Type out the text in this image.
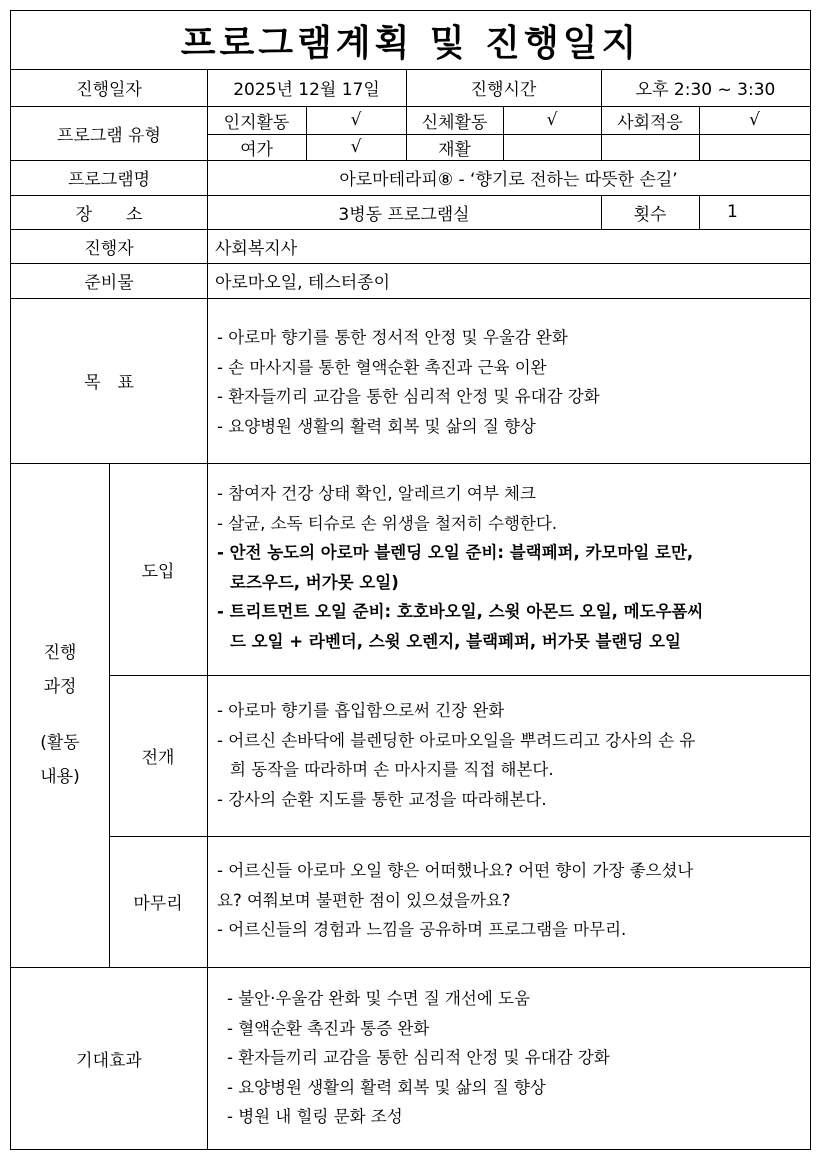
프로그램계획 및 진행일지
진행일자	2025년 12월 17일	진행시간	오후 2:30 ~ 3:30
프로그램 유형
인지활동	√	신체활동	√	사회적응	√
여가	√	재활
프로그램명	아로마테라피⑧ - ‘향기로 전하는 따뜻한 손길’
장　　소	3병동 프로그램실	횟수	1
진행자	사회복지사
준비물	아로마오일, 테스터종이
목　표
- 아로마 향기를 통한 정서적 안정 및 우울감 완화
- 손 마사지를 통한 혈액순환 촉진과 근육 이완
- 환자들끼리 교감을 통한 심리적 안정 및 유대감 강화
- 요양병원 생활의 활력 회복 및 삶의 질 향상
진행
과정
(활동
내용)
도입
- 참여자 건강 상태 확인, 알레르기 여부 체크
- 살균, 소독 티슈로 손 위생을 철저히 수행한다.
- 안전 농도의 아로마 블렌딩 오일 준비: 블랙페퍼, 카모마일 로만,
로즈우드, 버가못 오일)
- 트리트먼트 오일 준비: 호호바오일, 스윗 아몬드 오일, 메도우폼씨
드 오일 + 라벤더, 스윗 오렌지, 블랙페퍼, 버가못 블랜딩 오일
전개
- 아로마 향기를 흡입함으로써 긴장 완화
- 어르신 손바닥에 블렌딩한 아로마오일을 뿌려드리고 강사의 손 유
희 동작을 따라하며 손 마사지를 직접 해본다.
- 강사의 순환 지도를 통한 교정을 따라해본다.
마무리
- 어르신들 아로마 오일 향은 어떠했나요? 어떤 향이 가장 좋으셨나
요? 여쭤보며 불편한 점이 있으셨을까요?
- 어르신들의 경험과 느낌을 공유하며 프로그램을 마무리.
기대효과
- 불안·우울감 완화 및 수면 질 개선에 도움
- 혈액순환 촉진과 통증 완화
- 환자들끼리 교감을 통한 심리적 안정 및 유대감 강화
- 요양병원 생활의 활력 회복 및 삶의 질 향상
- 병원 내 힐링 문화 조성
